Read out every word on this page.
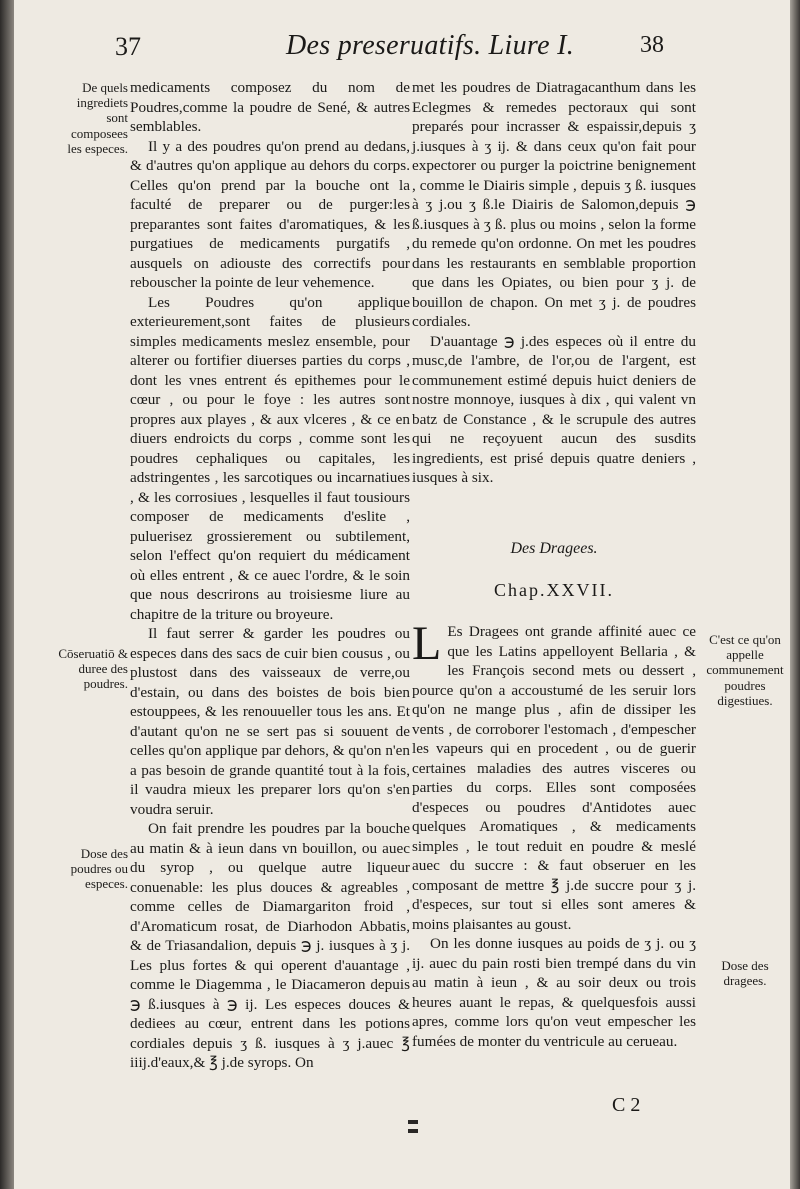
37	Des preseruatifs. Liure I.	38

medicaments composez du nom de Poudres,comme la poudre de Sené, & autres semblables.

Il y a des poudres qu'on prend au dedans, & d'autres qu'on applique au dehors du corps. Celles qu'on prend par la bouche ont la faculté de preparer ou de purger:les preparantes sont faites d'aromatiques, & les purgatiues de medicaments purgatifs , ausquels on adiouste des correctifs pour rebouscher la pointe de leur vehemence.

Les Poudres qu'on applique exterieurement,sont faites de plusieurs simples medicaments meslez ensemble, pour alterer ou fortifier diuerses parties du corps , dont les vnes entrent és epithemes pour le cœur , ou pour le foye : les autres sont propres aux playes , & aux vlceres , & ce en diuers endroicts du corps , comme sont les poudres cephaliques ou capitales, les adstringentes , les sarcotiques ou incarnatiues , & les corrosiues , lesquelles il faut tousiours composer de medicaments d'eslite , puluerisez grossierement ou subtilement, selon l'effect qu'on requiert du médicament où elles entrent , & ce auec l'ordre, & le soin que nous descrirons au troisiesme liure au chapitre de la triture ou broyeure.

Il faut serrer & garder les poudres ou especes dans des sacs de cuir bien cousus , ou plustost dans des vaisseaux de verre,ou d'estain, ou dans des boistes de bois bien estouppees, & les renouueller tous les ans. Et d'autant qu'on ne se sert pas si souuent de celles qu'on applique par dehors, & qu'on n'en a pas besoin de grande quantité tout à la fois, il vaudra mieux les preparer lors qu'on s'en voudra seruir.

On fait prendre les poudres par la bouche au matin & à ieun dans vn bouillon, ou auec du syrop , ou quelque autre liqueur conuenable: les plus douces & agreables , comme celles de Diamargariton froid , d'Aromaticum rosat, de Diarhodon Abbatis, & de Triasandalion, depuis ℈ j. iusques à ʒ j. Les plus fortes & qui operent d'auantage , comme le Diagemma , le Diacameron depuis ℈ ß.iusques à ℈ ij. Les especes douces & dediees au cœur, entrent dans les potions cordiales depuis ʒ ß. iusques à ʒ j.auec ℥ iiij.d'eaux,& ℥ j.de syrops. On

met les poudres de Diatragacanthum dans les Eclegmes & remedes pectoraux qui sont preparés pour incrasser & espaissir,depuis ʒ j.iusques à ʒ ij. & dans ceux qu'on fait pour expectorer ou purger la poictrine benignement , comme le Diairis simple , depuis ʒ ß. iusques à ʒ j.ou ʒ ß.le Diairis de Salomon,depuis ℈ ß.iusques à ʒ ß. plus ou moins , selon la forme du remede qu'on ordonne. On met les poudres dans les restaurants en semblable proportion que dans les Opiates, ou bien pour ʒ j. de bouillon de chapon. On met ʒ j. de poudres cordiales.

D'auantage ℈ j.des especes où il entre du musc,de l'ambre, de l'or,ou de l'argent, est communement estimé depuis huict deniers de nostre monnoye, iusques à dix , qui valent vn batz de Constance , & le scrupule des autres qui ne reçoyuent aucun des susdits ingredients, est prisé depuis quatre deniers , iusques à six.

Des Dragees.
Chap.XXVII.

L Es Dragees ont grande affinité auec ce que les Latins appelloyent Bellaria , & les François second mets ou dessert , pource qu'on a accoustumé de les seruir lors qu'on ne mange plus , afin de dissiper les vents , de corroborer l'estomach , d'empescher les vapeurs qui en procedent , ou de guerir certaines maladies des autres visceres ou parties du corps. Elles sont composées d'especes ou poudres d'Antidotes auec quelques Aromatiques , & medicaments simples , le tout reduit en poudre & meslé auec du succre : & faut obseruer en les composant de mettre ℥ j.de succre pour ʒ j. d'especes, sur tout si elles sont ameres & moins plaisantes au goust.

On les donne iusques au poids de ʒ j. ou ʒ ij. auec du pain rosti bien trempé dans du vin au matin à ieun , & au soir deux ou trois heures auant le repas, & quelquesfois aussi apres, comme lors qu'on veut empescher les fumées de monter du ventricule au cerueau.

De quels ingrediets sont composees les especes.
Cōseruatiō & duree des poudres.
Dose des poudres ou especes.
C'est ce qu'on appelle communement poudres digestiues.
Dose des dragees.
C 2
